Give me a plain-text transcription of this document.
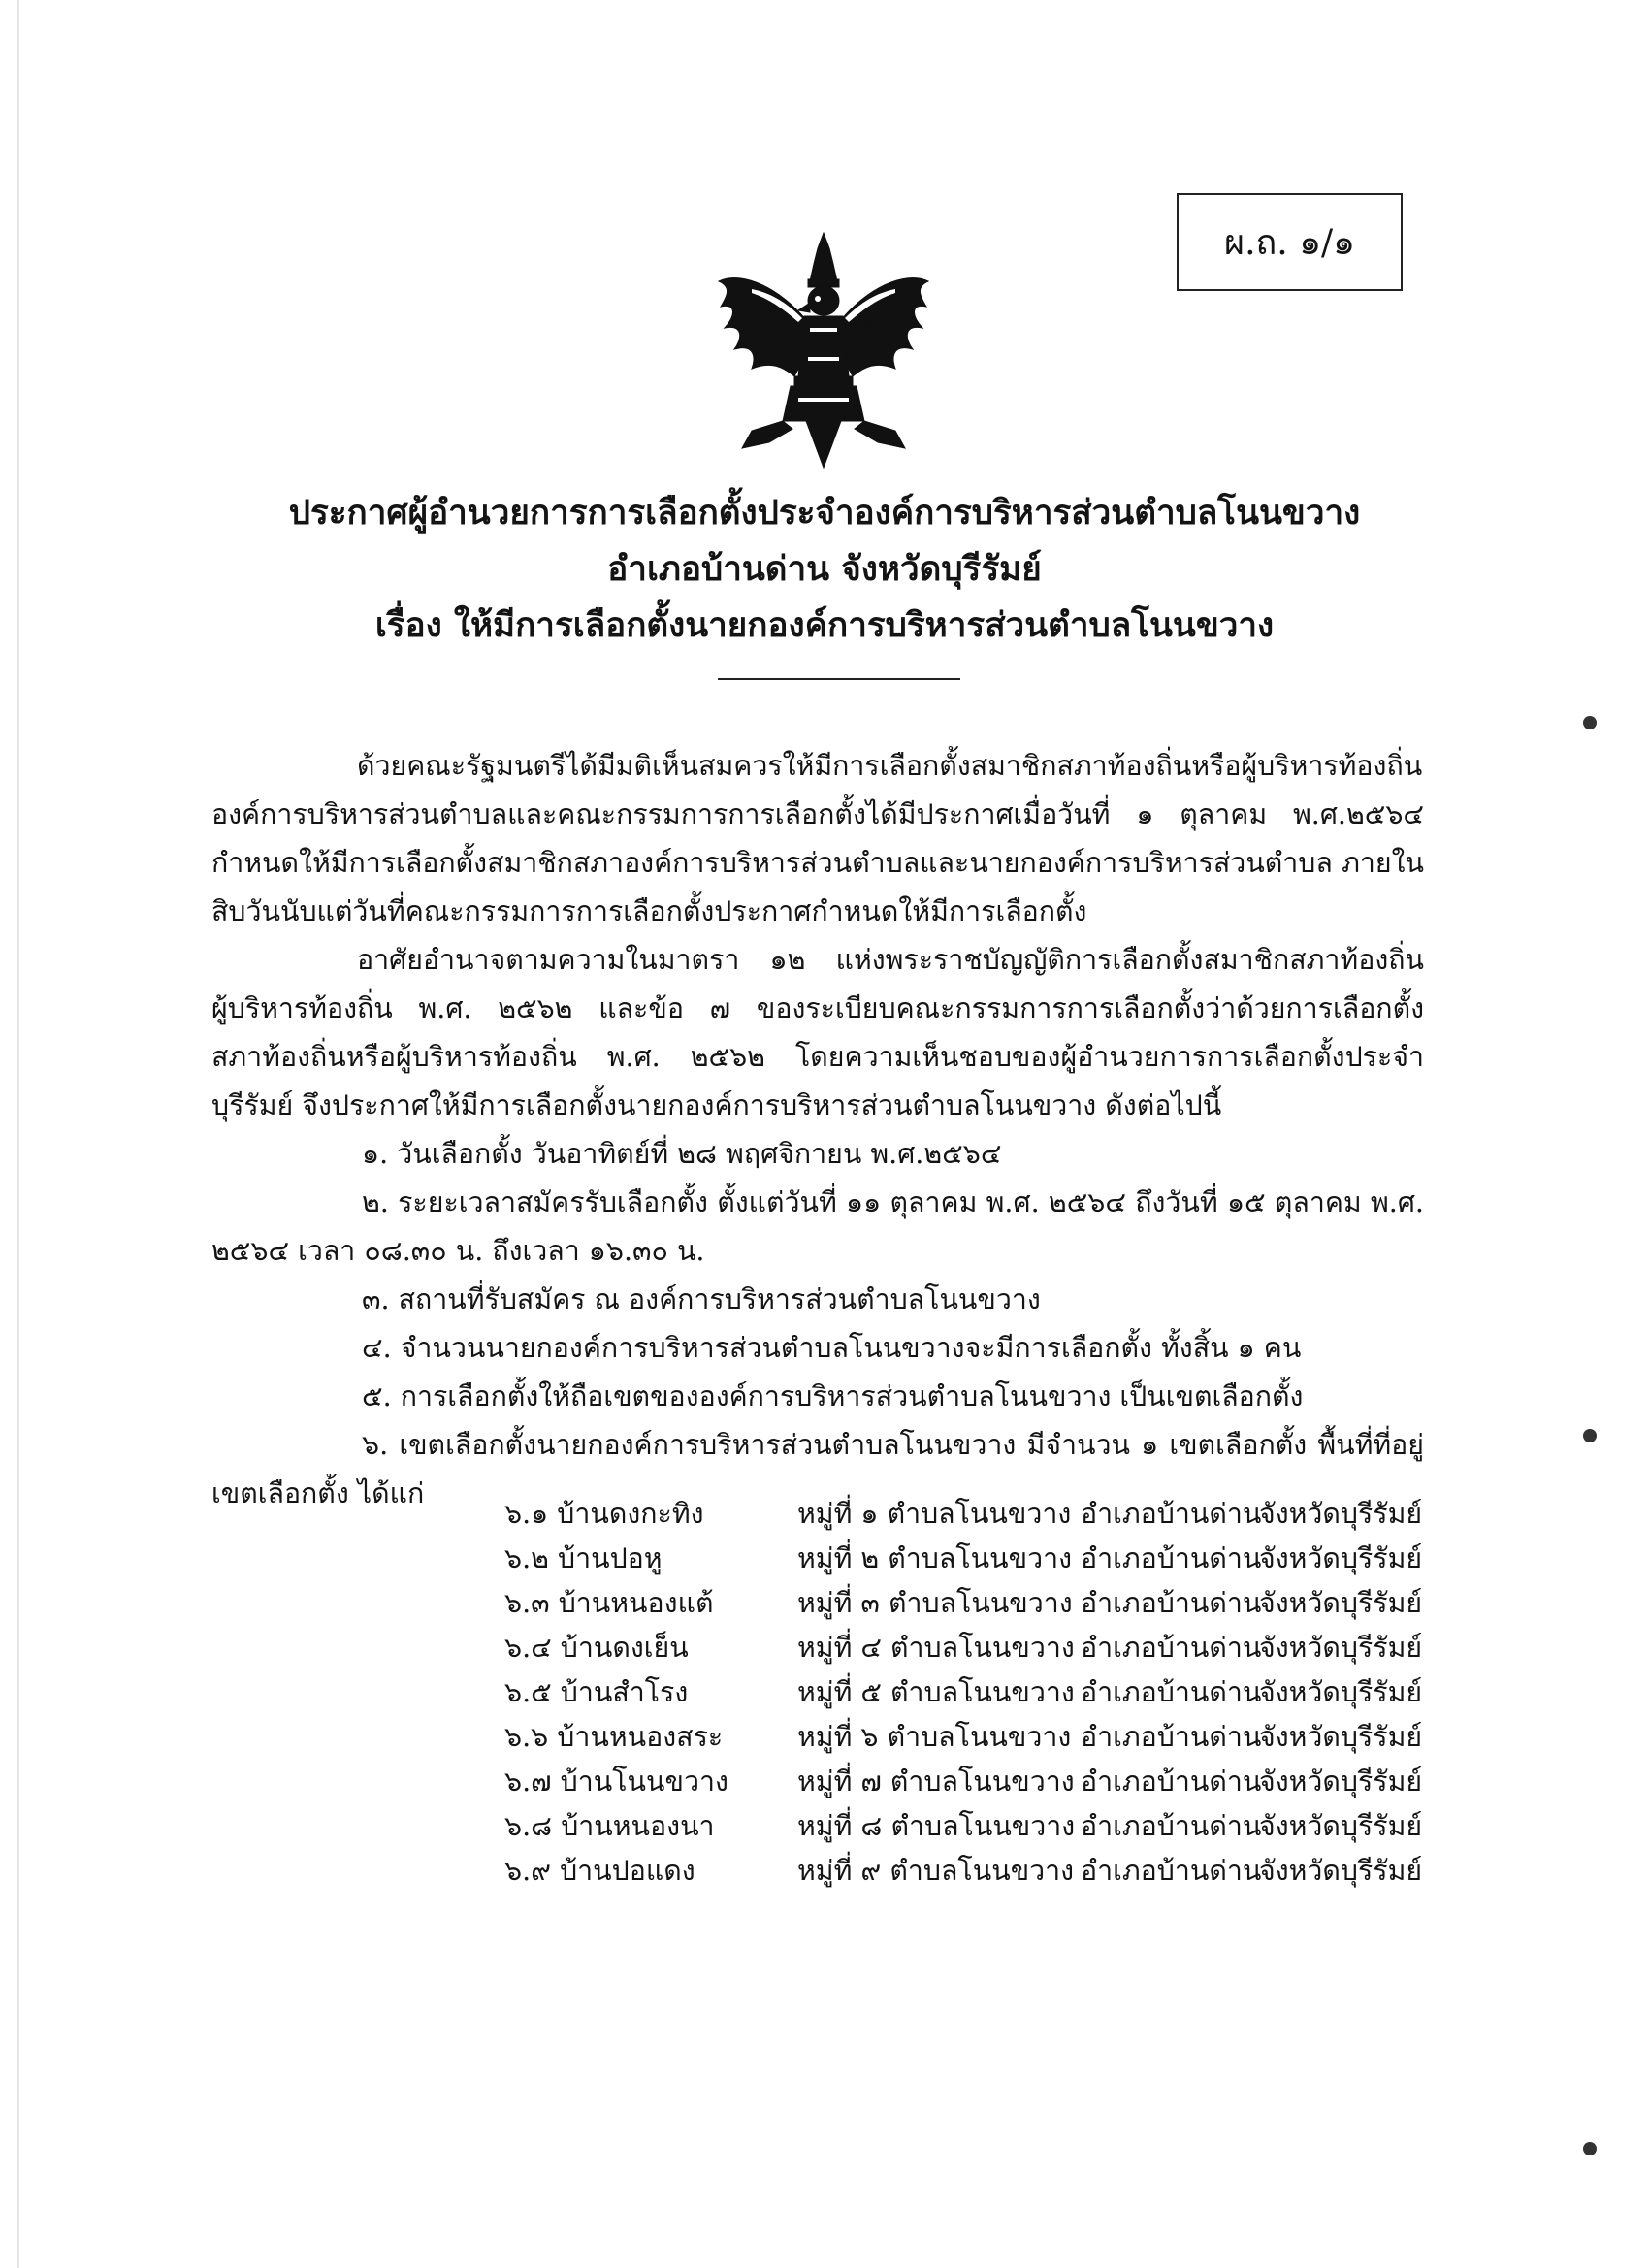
ผ.ถ. ๑/๑
ประกาศผู้อำนวยการการเลือกตั้งประจำองค์การบริหารส่วนตำบลโนนขวาง
อำเภอบ้านด่าน จังหวัดบุรีรัมย์
เรื่อง ให้มีการเลือกตั้งนายกองค์การบริหารส่วนตำบลโนนขวาง
ด้วยคณะรัฐมนตรีได้มีมติเห็นสมควรให้มีการเลือกตั้งสมาชิกสภาท้องถิ่นหรือผู้บริหารท้องถิ่น
องค์การบริหารส่วนตำบลและคณะกรรมการการเลือกตั้งได้มีประกาศเมื่อวันที่ ๑ ตุลาคม พ.ศ.๒๕๖๔
กำหนดให้มีการเลือกตั้งสมาชิกสภาองค์การบริหารส่วนตำบลและนายกองค์การบริหารส่วนตำบล ภายใน
สิบวันนับแต่วันที่คณะกรรมการการเลือกตั้งประกาศกำหนดให้มีการเลือกตั้ง
อาศัยอำนาจตามความในมาตรา ๑๒ แห่งพระราชบัญญัติการเลือกตั้งสมาชิกสภาท้องถิ่น
ผู้บริหารท้องถิ่น พ.ศ. ๒๕๖๒ และข้อ ๗ ของระเบียบคณะกรรมการการเลือกตั้งว่าด้วยการเลือกตั้ง
สภาท้องถิ่นหรือผู้บริหารท้องถิ่น พ.ศ. ๒๕๖๒ โดยความเห็นชอบของผู้อำนวยการการเลือกตั้งประจำ
บุรีรัมย์ จึงประกาศให้มีการเลือกตั้งนายกองค์การบริหารส่วนตำบลโนนขวาง ดังต่อไปนี้
๑. วันเลือกตั้ง วันอาทิตย์ที่ ๒๘ พฤศจิกายน พ.ศ.๒๕๖๔
๒. ระยะเวลาสมัครรับเลือกตั้ง ตั้งแต่วันที่ ๑๑ ตุลาคม พ.ศ. ๒๕๖๔ ถึงวันที่ ๑๕ ตุลาคม พ.ศ.
๒๕๖๔ เวลา ๐๘.๓๐ น. ถึงเวลา ๑๖.๓๐ น.
๓. สถานที่รับสมัคร ณ องค์การบริหารส่วนตำบลโนนขวาง
๔. จำนวนนายกองค์การบริหารส่วนตำบลโนนขวางจะมีการเลือกตั้ง ทั้งสิ้น ๑ คน
๕. การเลือกตั้งให้ถือเขตขององค์การบริหารส่วนตำบลโนนขวาง เป็นเขตเลือกตั้ง
๖. เขตเลือกตั้งนายกองค์การบริหารส่วนตำบลโนนขวาง มีจำนวน ๑ เขตเลือกตั้ง พื้นที่ที่อยู่
เขตเลือกตั้ง ได้แก่
๖.๑ บ้านดงกะทิง	หมู่ที่ ๑ ตำบลโนนขวาง อำเภอบ้านด่าน
จังหวัดบุรีรัมย์
๖.๒ บ้านปอหู	หมู่ที่ ๒ ตำบลโนนขวาง อำเภอบ้านด่าน
จังหวัดบุรีรัมย์
๖.๓ บ้านหนองแต้	หมู่ที่ ๓ ตำบลโนนขวาง อำเภอบ้านด่าน
จังหวัดบุรีรัมย์
๖.๔ บ้านดงเย็น	หมู่ที่ ๔ ตำบลโนนขวาง อำเภอบ้านด่าน
จังหวัดบุรีรัมย์
๖.๕ บ้านสำโรง	หมู่ที่ ๕ ตำบลโนนขวาง อำเภอบ้านด่าน
จังหวัดบุรีรัมย์
๖.๖ บ้านหนองสระ	หมู่ที่ ๖ ตำบลโนนขวาง อำเภอบ้านด่าน
จังหวัดบุรีรัมย์
๖.๗ บ้านโนนขวาง	หมู่ที่ ๗ ตำบลโนนขวาง อำเภอบ้านด่าน
จังหวัดบุรีรัมย์
๖.๘ บ้านหนองนา	หมู่ที่ ๘ ตำบลโนนขวาง อำเภอบ้านด่าน
จังหวัดบุรีรัมย์
๖.๙ บ้านปอแดง	หมู่ที่ ๙ ตำบลโนนขวาง อำเภอบ้านด่าน
จังหวัดบุรีรัมย์
